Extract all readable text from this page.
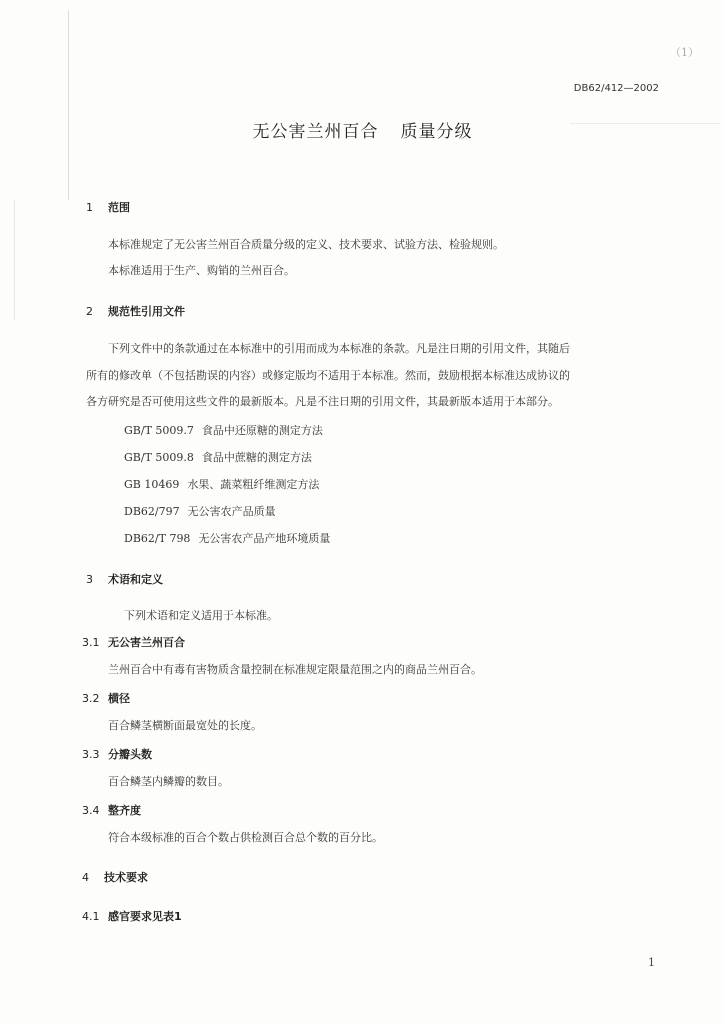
（1）
DB62/412—2002
无公害兰州百合 质量分级
1 范围
本标准规定了无公害兰州百合质量分级的定义、技术要求、试验方法、检验规则。
本标准适用于生产、购销的兰州百合。
2 规范性引用文件
下列文件中的条款通过在本标准中的引用而成为本标准的条款。凡是注日期的引用文件，其随后
所有的修改单（不包括勘误的内容）或修定版均不适用于本标准。然而，鼓励根据本标准达成协议的
各方研究是否可使用这些文件的最新版本。凡是不注日期的引用文件，其最新版本适用于本部分。
GB/T 5009.7 食品中还原糖的测定方法
GB/T 5009.8 食品中蔗糖的测定方法
GB 10469 水果、蔬菜粗纤维测定方法
DB62/797 无公害农产品质量
DB62/T 798 无公害农产品产地环境质量
3 术语和定义
下列术语和定义适用于本标准。
3.1 无公害兰州百合
兰州百合中有毒有害物质含量控制在标准规定限量范围之内的商品兰州百合。
3.2 横径
百合鳞茎横断面最宽处的长度。
3.3 分瓣头数
百合鳞茎内鳞瓣的数目。
3.4 整齐度
符合本级标准的百合个数占供检测百合总个数的百分比。
4 技术要求
4.1 感官要求见表1
1
